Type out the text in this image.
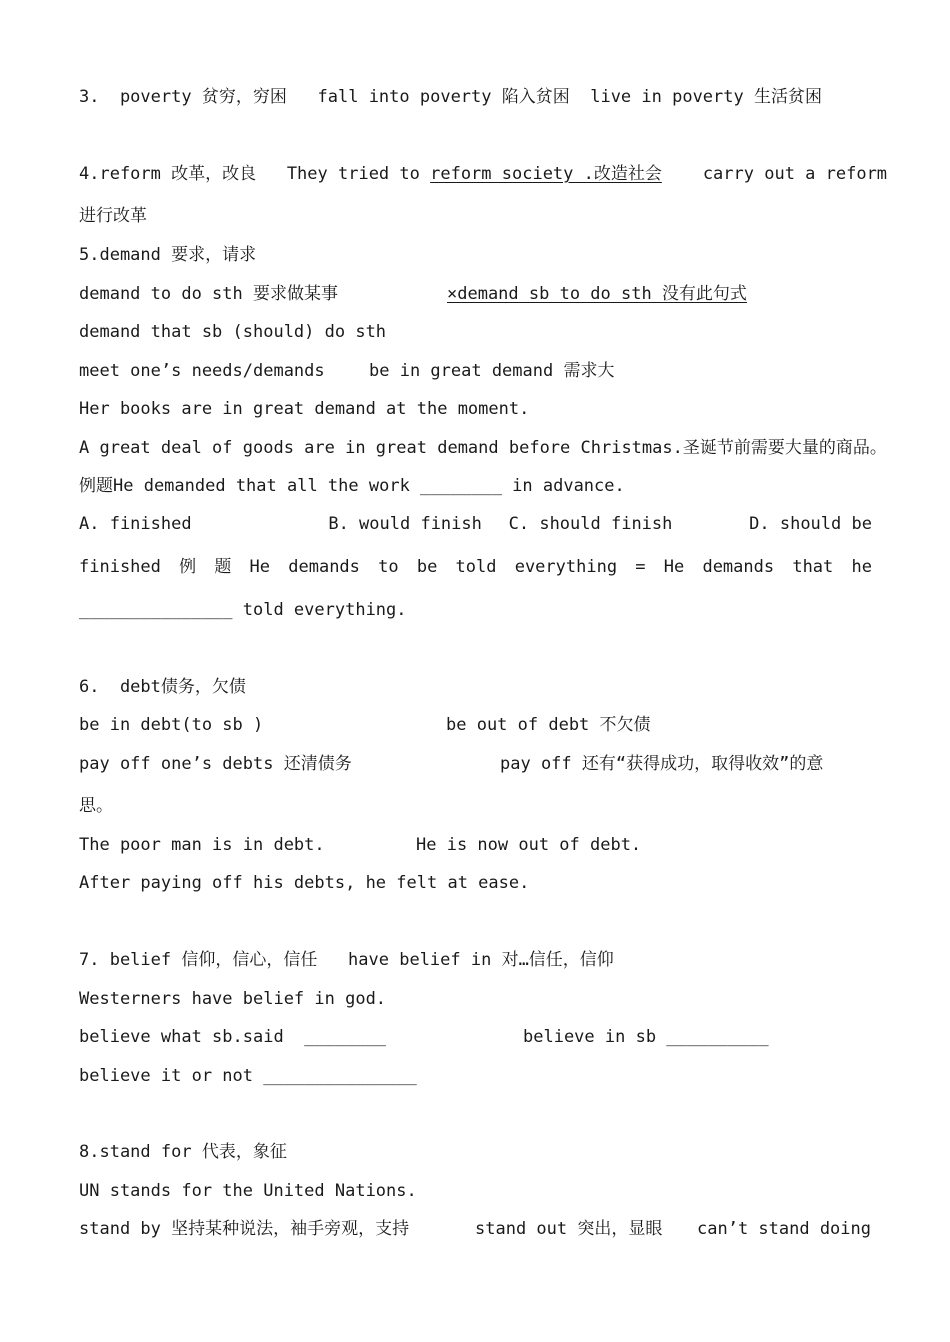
3.  poverty 贫穷，穷困   fall into poverty 陷入贫困  live in poverty 生活贫困
4.reform 改革，改良   They tried to reform society .改造社会    carry out a reform
进行改革
5.demand 要求，请求
demand to do sth 要求做某事	×demand sb to do sth 没有此句式
demand that sb (should) do sth
meet one’s needs/demands	be in great demand 需求大
Her books are in great demand at the moment.
A great deal of goods are in great demand before Christmas.圣诞节前需要大量的商品。
例题He demanded that all the work ________ in advance.
A. finished	B. would finish C. should finish	D. should be
finished 例 题 He demands to be told everything = He demands that he
_______________ told everything.
6.  debt债务，欠债
be in debt(to sb )	be out of debt 不欠债
pay off one’s debts 还清债务	pay off 还有“获得成功，取得收效”的意
思。
The poor man is in debt.	He is now out of debt.
After paying off his debts, he felt at ease.
7. belief 信仰，信心，信任   have belief in 对…信任，信仰
Westerners have belief in god.
believe what sb.said  ________	believe in sb __________
believe it or not _______________
8.stand for 代表，象征
UN stands for the United Nations.
stand by 坚持某种说法，袖手旁观，支持	stand out 突出，显眼 can’t stand doing
